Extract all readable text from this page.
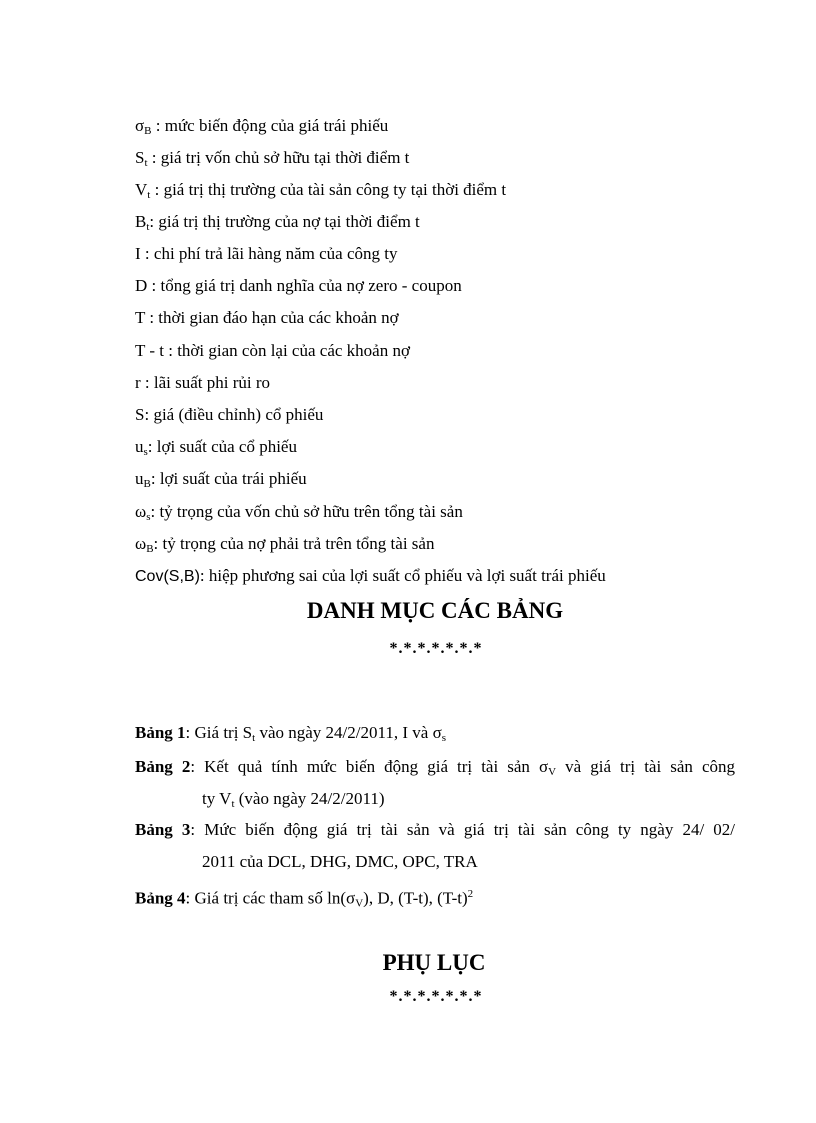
$\sigma_B$ : mức biến động của giá trái phiếu
$S_t$ : giá trị vốn chủ sở hữu tại thời điểm t
$V_t$ : giá trị thị trường của tài sản công ty tại thời điểm t
$B_t$: giá trị thị trường của nợ tại thời điểm t
I : chi phí trả lãi hàng năm của công ty
D : tổng giá trị danh nghĩa của nợ zero - coupon
T : thời gian đáo hạn của các khoản nợ
T - t : thời gian còn lại của các khoản nợ
r : lãi suất phi rủi ro
S: giá (điều chỉnh) cổ phiếu
$u_s$: lợi suất của cổ phiếu
$u_B$: lợi suất của trái phiếu
$\omega_s$: tỷ trọng của vốn chủ sở hữu trên tổng tài sản
$\omega_B$: tỷ trọng của nợ phải trả trên tổng tài sản
Cov(S,B): hiệp phương sai của lợi suất cổ phiếu và lợi suất trái phiếu
DANH MỤC CÁC BẢNG
*.*.*.*.*.*.*
Bảng 1: Giá trị $S_t$ vào ngày 24/2/2011, I và $\sigma_s$
Bảng 2: Kết quả tính mức biến động giá trị tài sản $\sigma_V$ và giá trị tài sản công
ty $V_t$ (vào ngày 24/2/2011)
Bảng 3: Mức biến động giá trị tài sản và giá trị tài sản công ty ngày 24/ 02/
2011 của DCL, DHG, DMC, OPC, TRA
Bảng 4: Giá trị các tham số $\ln(\sigma_V)$, D, (T-t), $(T-t)^2$
PHỤ LỤC
*.*.*.*.*.*.*
